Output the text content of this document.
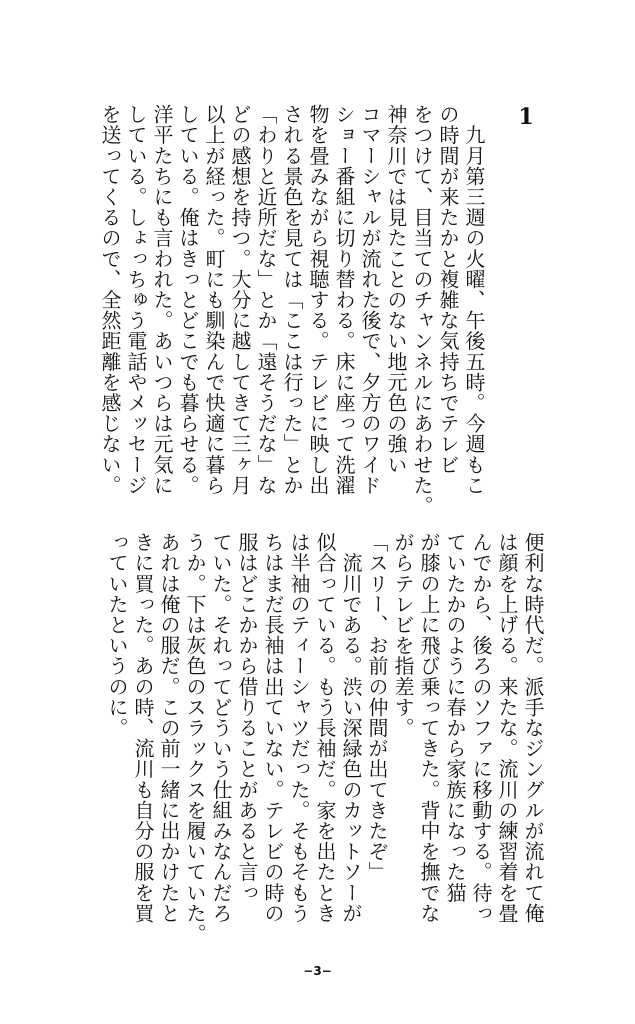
1
　九月第三週の火曜、午後五時。今週もこ
の時間が来たかと複雑な気持ちでテレビ
をつけて、目当てのチャンネルにあわせた。
神奈川では見たことのない地元色の強い
コマーシャルが流れた後で、夕方のワイド
ショー番組に切り替わる。床に座って洗濯
物を畳みながら視聴する。テレビに映し出
される景色を見ては「ここは行った」とか
「わりと近所だな」とか「遠そうだな」な
どの感想を持つ。大分に越してきて三ヶ月
以上が経った。町にも馴染んで快適に暮ら
している。俺はきっとどこでも暮らせる。
洋平たちにも言われた。あいつらは元気に
している。しょっちゅう電話やメッセージ
を送ってくるので、全然距離を感じない。
便利な時代だ。派手なジングルが流れて俺
は顔を上げる。来たな。流川の練習着を畳
んでから、後ろのソファに移動する。待っ
ていたかのように春から家族になった猫
が膝の上に飛び乗ってきた。背中を撫でな
がらテレビを指差す。
「スリー、お前の仲間が出てきたぞ」
　流川である。渋い深緑色のカットソーが
似合っている。もう長袖だ。家を出たとき
は半袖のティーシャツだった。そもそもう
ちはまだ長袖は出ていない。テレビの時の
服はどこかから借りることがあると言っ
ていた。それってどういう仕組みなんだろ
うか。下は灰色のスラックスを履いていた。
あれは俺の服だ。この前一緒に出かけたと
きに買った。あの時、流川も自分の服を買
っていたというのに。
−3−
